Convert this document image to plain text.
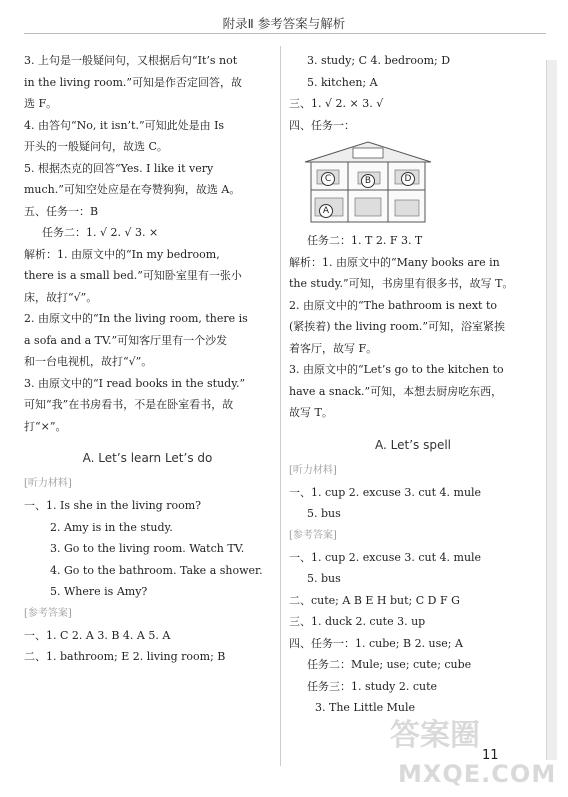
附录Ⅱ 参考答案与解析
3. 上句是一般疑问句，又根据后句“It’s not
in the living room.”可知是作否定回答，故
选 F。
4. 由答句“No, it isn’t.”可知此处是由 Is
开头的一般疑问句，故选 C。
5. 根据杰克的回答“Yes. I like it very
much.”可知空处应是在夸赞狗狗，故选 A。
五、任务一：B
任务二：1. √ 2. √ 3. ×
解析：1. 由原文中的“In my bedroom,
there is a small bed.”可知卧室里有一张小
床，故打“√”。
2. 由原文中的“In the living room, there is
a sofa and a TV.”可知客厅里有一个沙发
和一台电视机，故打“√”。
3. 由原文中的“I read books in the study.”
可知“我”在书房看书，不是在卧室看书，故
打“×”。
A. Let’s learn Let’s do
[听力材料]
一、1. Is she in the living room?
2. Amy is in the study.
3. Go to the living room. Watch TV.
4. Go to the bathroom. Take a shower.
5. Where is Amy?
[参考答案]
一、1. C 2. A 3. B 4. A 5. A
二、1. bathroom; E 2. living room; B
3. study; C 4. bedroom; D
5. kitchen; A
三、1. √ 2. × 3. √
四、任务一：
C	B	D
A
任务二：1. T 2. F 3. T
解析：1. 由原文中的“Many books are in
the study.”可知，书房里有很多书，故写 T。
2. 由原文中的“The bathroom is next to
(紧挨着) the living room.”可知，浴室紧挨
着客厅，故写 F。
3. 由原文中的“Let’s go to the kitchen to
have a snack.”可知，本想去厨房吃东西，
故写 T。
A. Let’s spell
[听力材料]
一、1. cup 2. excuse 3. cut 4. mule
5. bus
[参考答案]
一、1. cup 2. excuse 3. cut 4. mule
5. bus
二、cute; A B E H but; C D F G
三、1. duck 2. cute 3. up
四、任务一：1. cube; B 2. use; A
任务二：Mule; use; cute; cube
任务三：1. study 2. cute
3. The Little Mule
11
答案圈
MXQE.COM
